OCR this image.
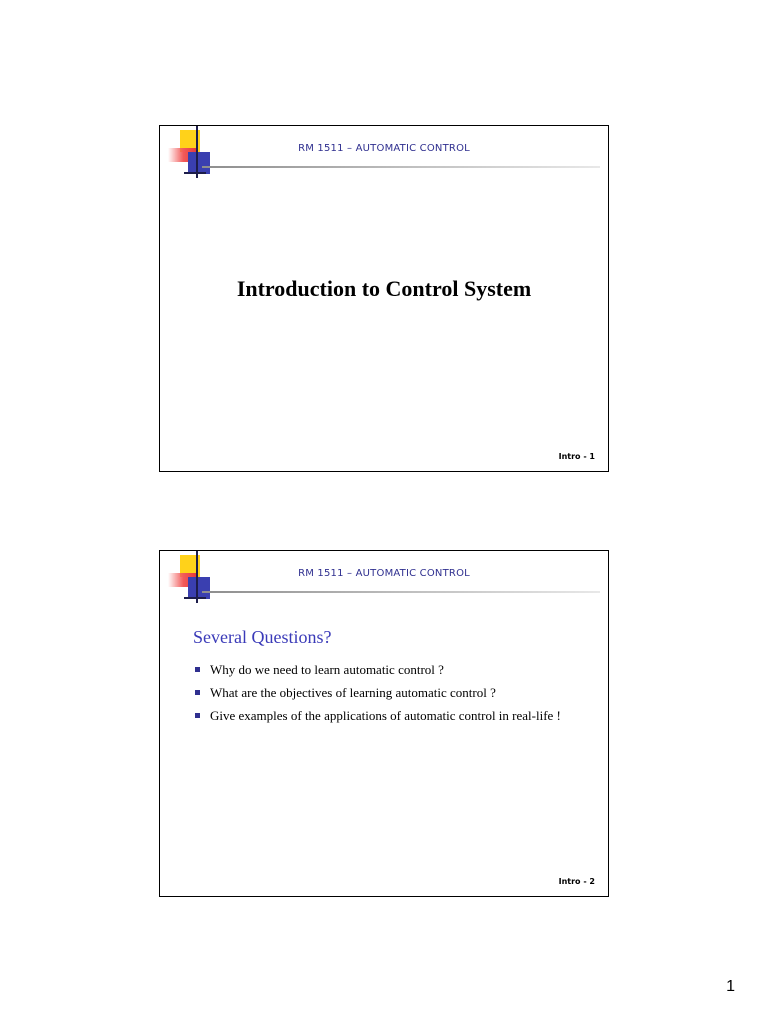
RM 1511 – AUTOMATIC CONTROL
Introduction to Control System
Intro - 1
RM 1511 – AUTOMATIC CONTROL
Several Questions?
Why do we need to learn automatic control ?
What are the objectives of learning automatic control ?
Give examples of the applications of automatic control in real-life !
Intro - 2
1
